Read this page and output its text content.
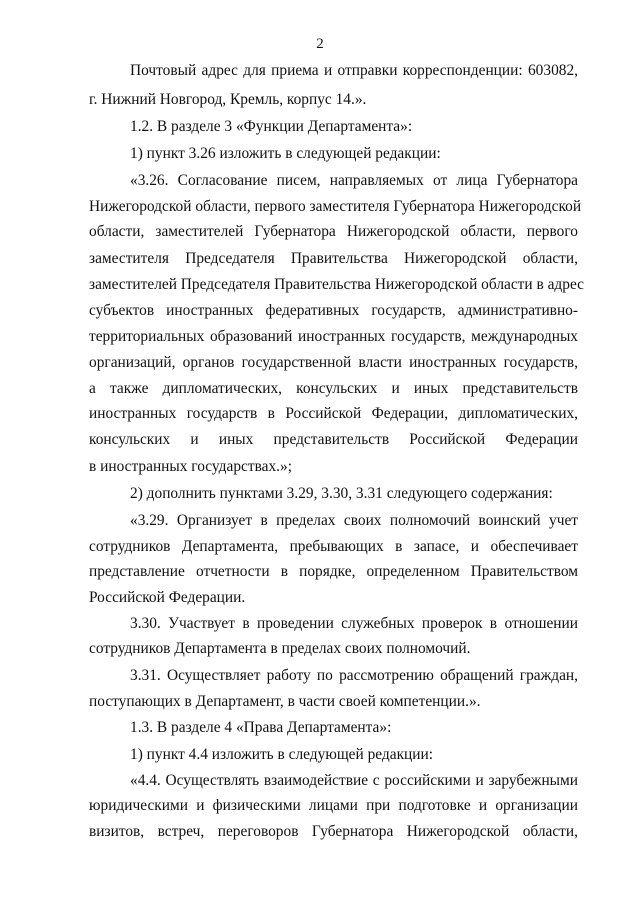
2
Почтовый адрес для приема и отправки корреспонденции: 603082,
г. Нижний Новгород, Кремль, корпус 14.».
1.2. В разделе 3 «Функции Департамента»:
1) пункт 3.26 изложить в следующей редакции:
«3.26. Согласование писем, направляемых от лица Губернатора
Нижегородской области, первого заместителя Губернатора Нижегородской
области, заместителей Губернатора Нижегородской области, первого
заместителя Председателя Правительства Нижегородской области,
заместителей Председателя Правительства Нижегородской области в адрес
субъектов иностранных федеративных государств, административно-
территориальных образований иностранных государств, международных
организаций, органов государственной власти иностранных государств,
а также дипломатических, консульских и иных представительств
иностранных государств в Российской Федерации, дипломатических,
консульских и иных представительств Российской Федерации
в иностранных государствах.»;
2) дополнить пунктами 3.29, 3.30, 3.31 следующего содержания:
«3.29. Организует в пределах своих полномочий воинский учет
сотрудников Департамента, пребывающих в запасе, и обеспечивает
представление отчетности в порядке, определенном Правительством
Российской Федерации.
3.30. Участвует в проведении служебных проверок в отношении
сотрудников Департамента в пределах своих полномочий.
3.31. Осуществляет работу по рассмотрению обращений граждан,
поступающих в Департамент, в части своей компетенции.».
1.3. В разделе 4 «Права Департамента»:
1) пункт 4.4 изложить в следующей редакции:
«4.4. Осуществлять взаимодействие с российскими и зарубежными
юридическими и физическими лицами при подготовке и организации
визитов, встреч, переговоров Губернатора Нижегородской области,
